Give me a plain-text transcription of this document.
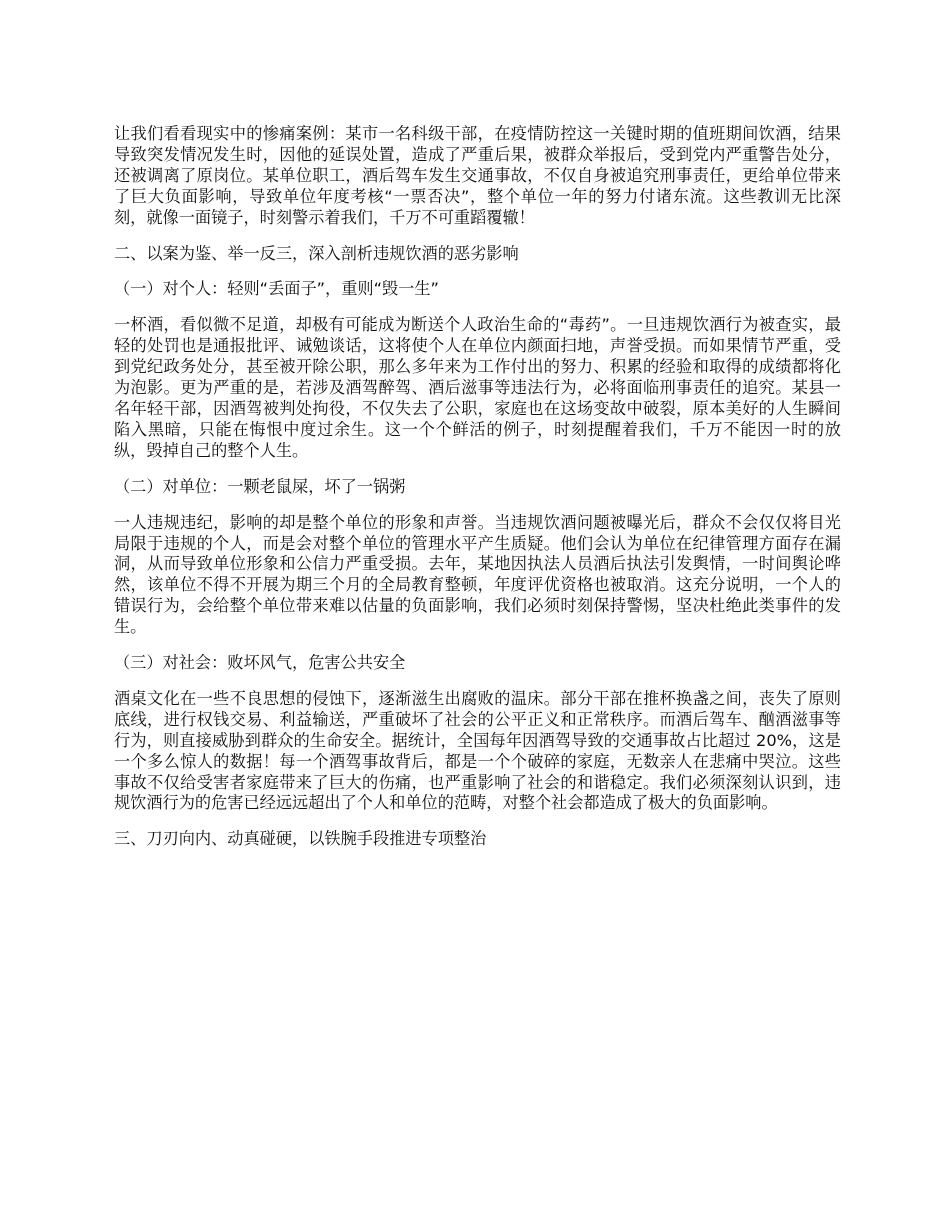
让我们看看现实中的惨痛案例：某市一名科级干部，在疫情防控这一关键时期的值班期间饮酒，结果导致突发情况发生时，因他的延误处置，造成了严重后果，被群众举报后，受到党内严重警告处分，还被调离了原岗位。某单位职工，酒后驾车发生交通事故，不仅自身被追究刑事责任，更给单位带来了巨大负面影响，导致单位年度考核“一票否决”，整个单位一年的努力付诸东流。这些教训无比深刻，就像一面镜子，时刻警示着我们，千万不可重蹈覆辙！

二、以案为鉴、举一反三，深入剖析违规饮酒的恶劣影响

（一）对个人：轻则“丢面子”，重则“毁一生”

一杯酒，看似微不足道，却极有可能成为断送个人政治生命的“毒药”。一旦违规饮酒行为被查实，最轻的处罚也是通报批评、诫勉谈话，这将使个人在单位内颜面扫地，声誉受损。而如果情节严重，受到党纪政务处分，甚至被开除公职，那么多年来为工作付出的努力、积累的经验和取得的成绩都将化为泡影。更为严重的是，若涉及酒驾醉驾、酒后滋事等违法行为，必将面临刑事责任的追究。某县一名年轻干部，因酒驾被判处拘役，不仅失去了公职，家庭也在这场变故中破裂，原本美好的人生瞬间陷入黑暗，只能在悔恨中度过余生。这一个个鲜活的例子，时刻提醒着我们，千万不能因一时的放纵，毁掉自己的整个人生。

（二）对单位：一颗老鼠屎，坏了一锅粥

一人违规违纪，影响的却是整个单位的形象和声誉。当违规饮酒问题被曝光后，群众不会仅仅将目光局限于违规的个人，而是会对整个单位的管理水平产生质疑。他们会认为单位在纪律管理方面存在漏洞，从而导致单位形象和公信力严重受损。去年，某地因执法人员酒后执法引发舆情，一时间舆论哗然，该单位不得不开展为期三个月的全局教育整顿，年度评优资格也被取消。这充分说明，一个人的错误行为，会给整个单位带来难以估量的负面影响，我们必须时刻保持警惕，坚决杜绝此类事件的发生。

（三）对社会：败坏风气，危害公共安全

酒桌文化在一些不良思想的侵蚀下，逐渐滋生出腐败的温床。部分干部在推杯换盏之间，丧失了原则底线，进行权钱交易、利益输送，严重破坏了社会的公平正义和正常秩序。而酒后驾车、酗酒滋事等行为，则直接威胁到群众的生命安全。据统计，全国每年因酒驾导致的交通事故占比超过 20%，这是一个多么惊人的数据！每一个酒驾事故背后，都是一个个破碎的家庭，无数亲人在悲痛中哭泣。这些事故不仅给受害者家庭带来了巨大的伤痛，也严重影响了社会的和谐稳定。我们必须深刻认识到，违规饮酒行为的危害已经远远超出了个人和单位的范畴，对整个社会都造成了极大的负面影响。

三、刀刃向内、动真碰硬，以铁腕手段推进专项整治
